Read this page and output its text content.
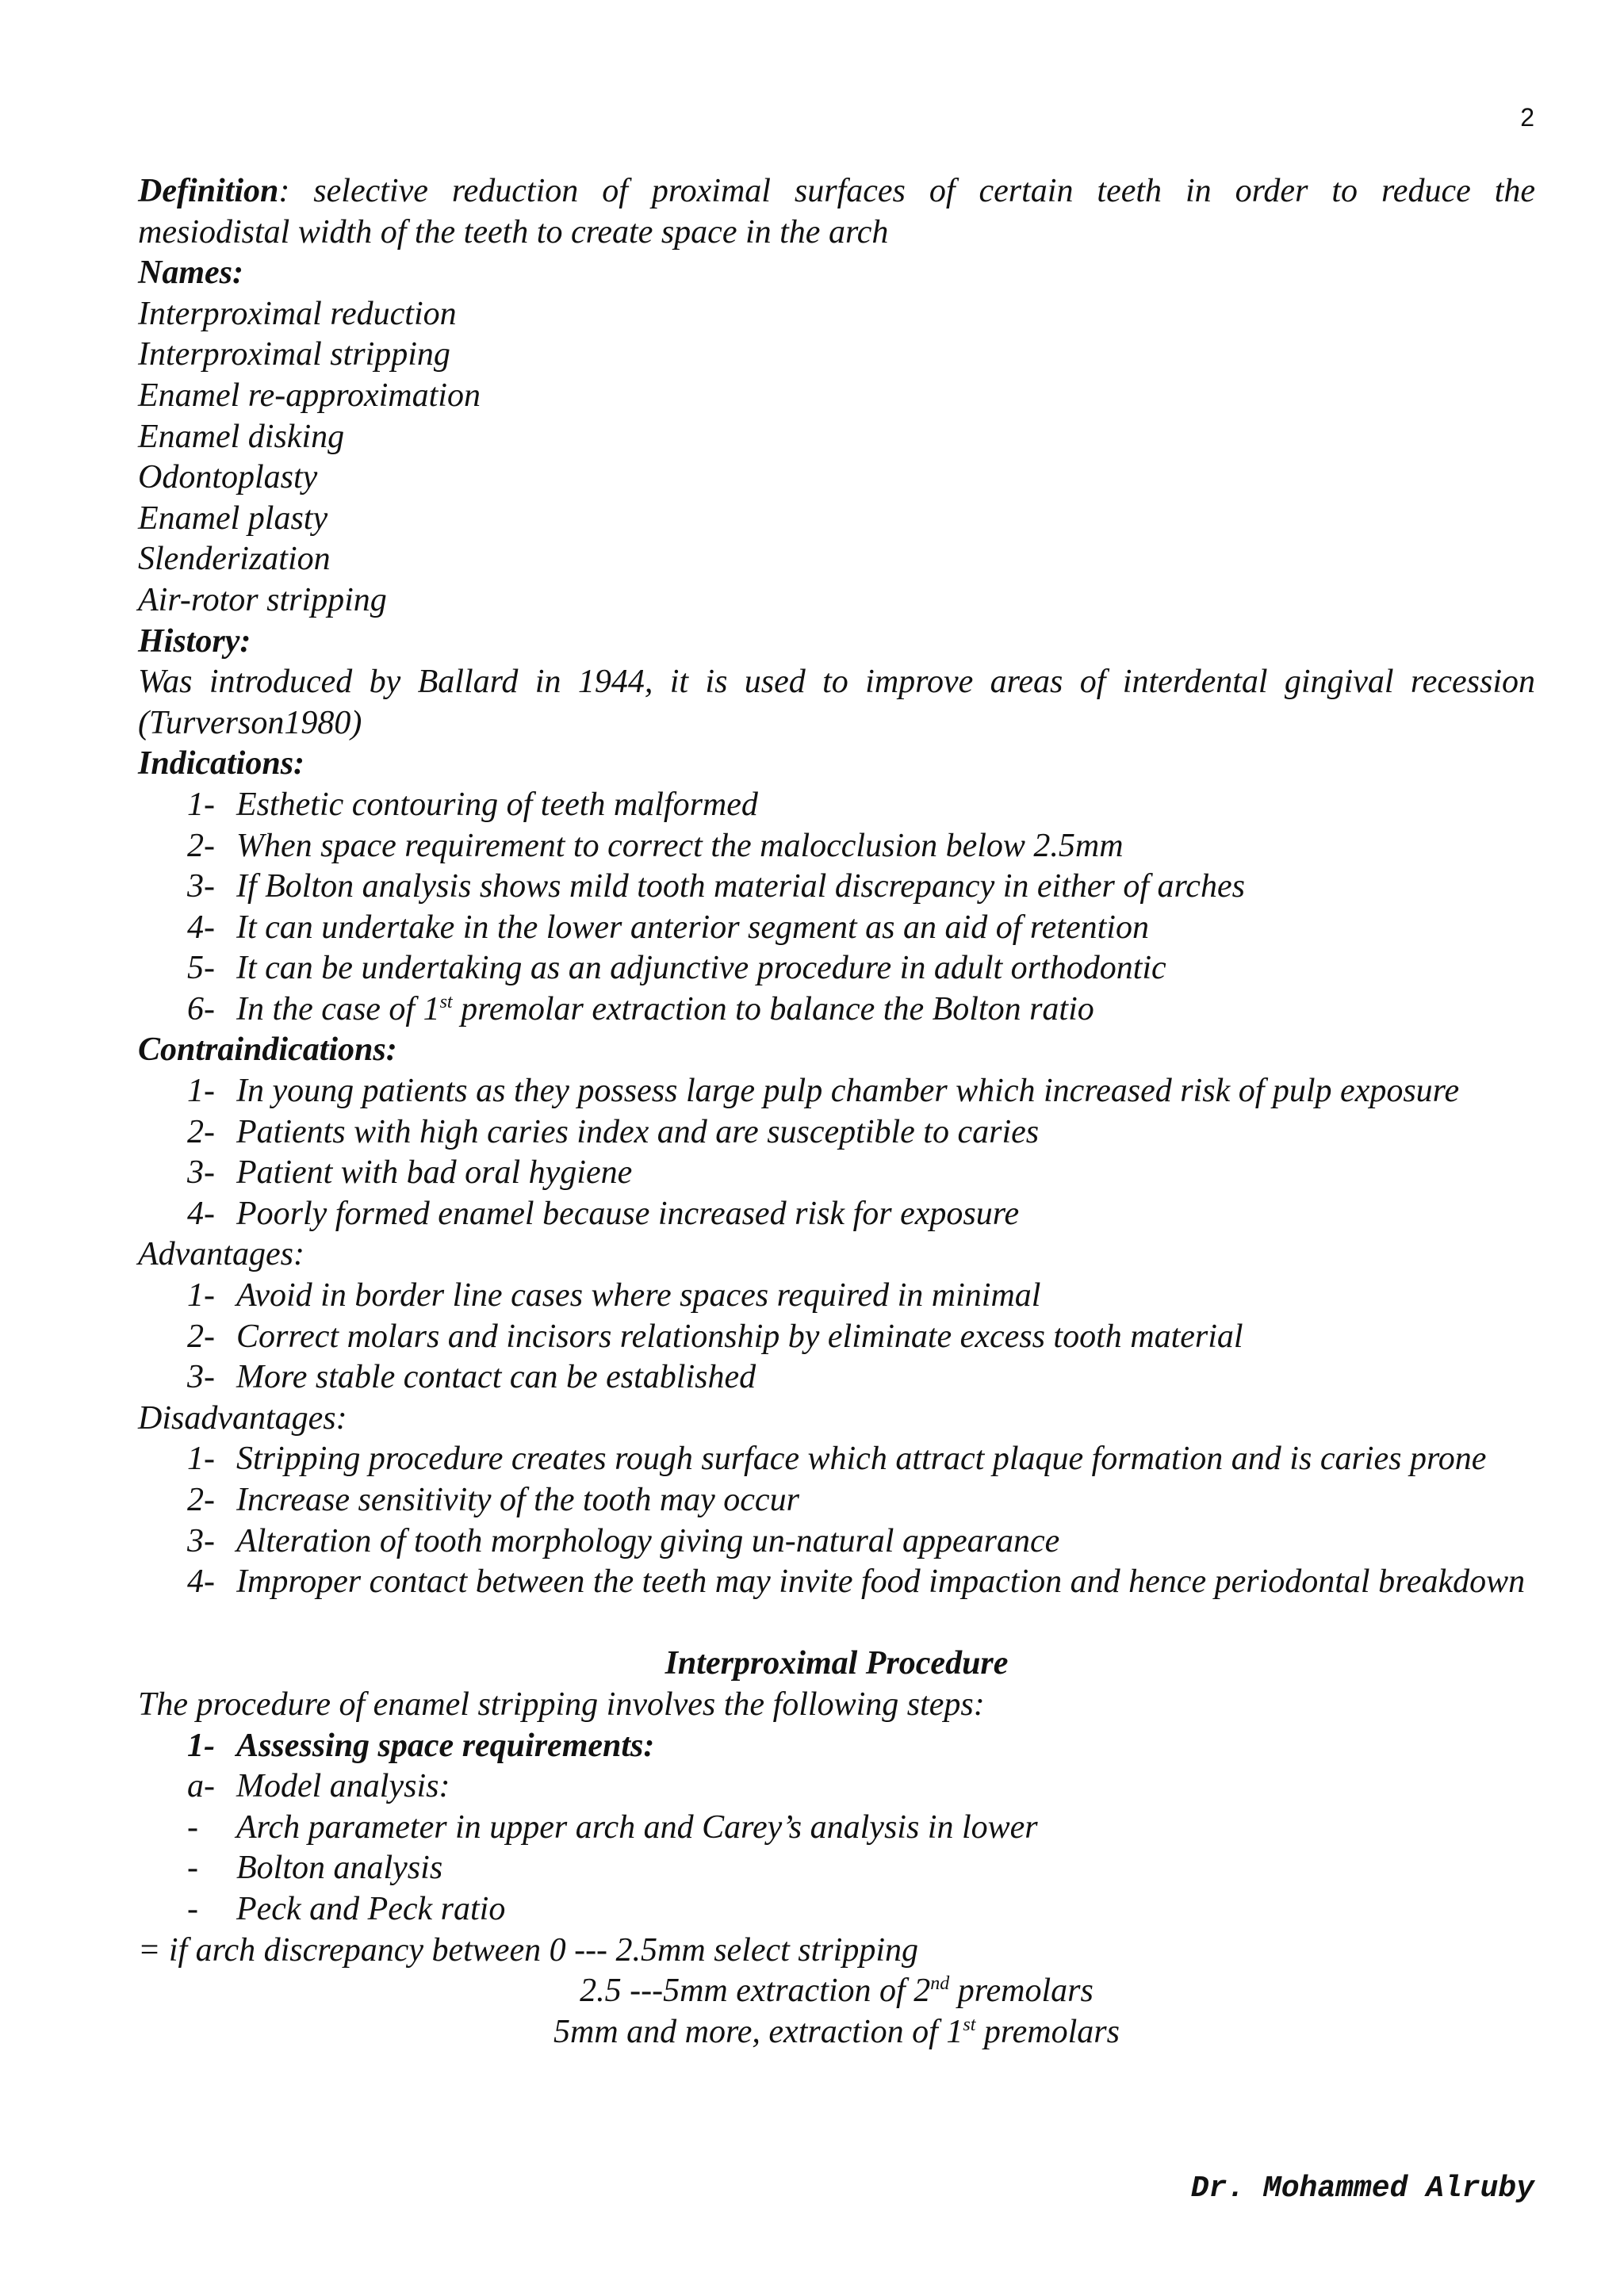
2
Definition: selective reduction of proximal surfaces of certain teeth in order to reduce the
mesiodistal width of the teeth to create space in the arch
Names:
Interproximal reduction
Interproximal stripping
Enamel re-approximation
Enamel disking
Odontoplasty
Enamel plasty
Slenderization
Air-rotor stripping
History:
Was introduced by Ballard in 1944, it is used to improve areas of interdental gingival recession
(Turverson1980)
Indications:
1- Esthetic contouring of teeth malformed
2- When space requirement to correct the malocclusion below 2.5mm
3- If Bolton analysis shows mild tooth material discrepancy in either of arches
4- It can undertake in the lower anterior segment as an aid of retention
5- It can be undertaking as an adjunctive procedure in adult orthodontic
6- In the case of 1st premolar extraction to balance the Bolton ratio
Contraindications:
1- In young patients as they possess large pulp chamber which increased risk of pulp exposure
2- Patients with high caries index and are susceptible to caries
3- Patient with bad oral hygiene
4- Poorly formed enamel because increased risk for exposure
Advantages:
1- Avoid in border line cases where spaces required in minimal
2- Correct molars and incisors relationship by eliminate excess tooth material
3- More stable contact can be established
Disadvantages:
1- Stripping procedure creates rough surface which attract plaque formation and is caries prone
2- Increase sensitivity of the tooth may occur
3- Alteration of tooth morphology giving un-natural appearance
4- Improper contact between the teeth may invite food impaction and hence periodontal breakdown
Interproximal Procedure
The procedure of enamel stripping involves the following steps:
1- Assessing space requirements:
a- Model analysis:
- Arch parameter in upper arch and Carey’s analysis in lower
- Bolton analysis
- Peck and Peck ratio
= if arch discrepancy between 0 --- 2.5mm select stripping
2.5 ---5mm extraction of 2nd premolars
5mm and more, extraction of 1st premolars
Dr. Mohammed Alruby
